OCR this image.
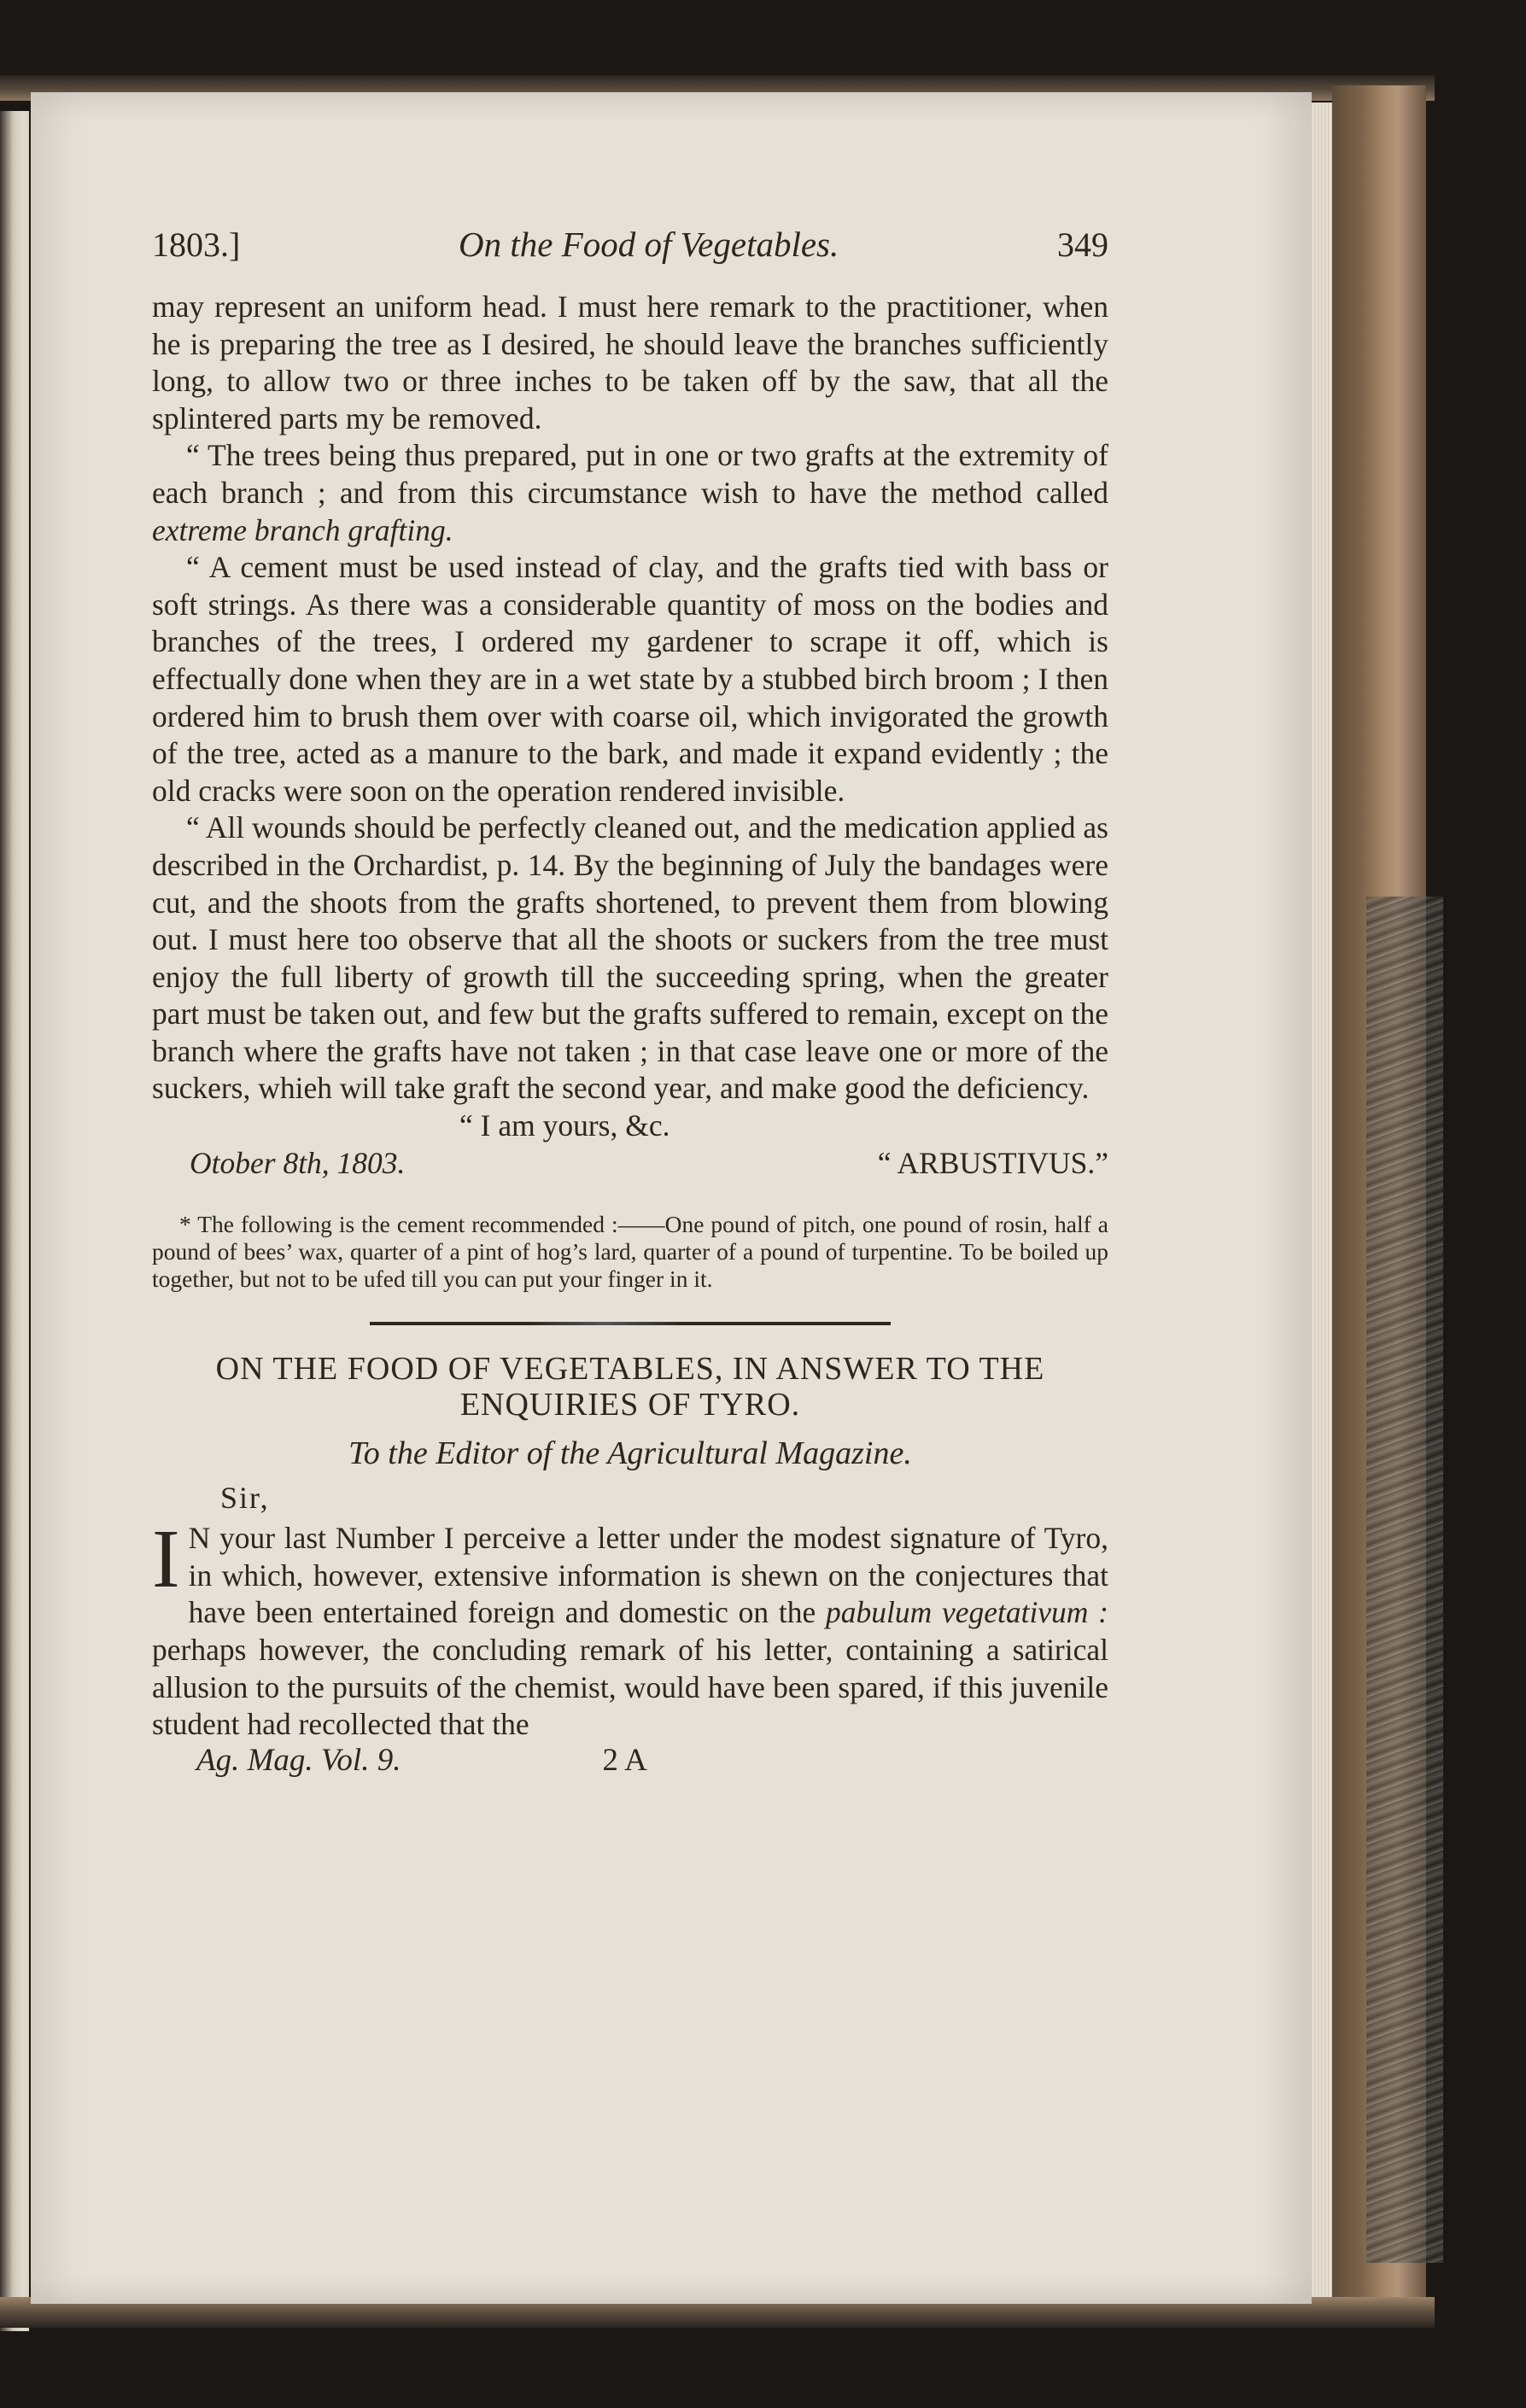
1803.]	On the Food of Vegetables.	349

may represent an uniform head. I must here remark to the practitioner, when he is preparing the tree as I desired, he should leave the branches sufficiently long, to allow two or three inches to be taken off by the saw, that all the splintered parts my be removed.

“ The trees being thus prepared, put in one or two grafts at the extremity of each branch ; and from this circumstance wish to have the method called extreme branch grafting.

“ A cement must be used instead of clay, and the grafts tied with bass or soft strings. As there was a considerable quantity of moss on the bodies and branches of the trees, I ordered my gardener to scrape it off, which is effectually done when they are in a wet state by a stubbed birch broom ; I then ordered him to brush them over with coarse oil, which invigorated the growth of the tree, acted as a manure to the bark, and made it expand evidently ; the old cracks were soon on the operation rendered invisible.

“ All wounds should be perfectly cleaned out, and the medication applied as described in the Orchardist, p. 14. By the beginning of July the bandages were cut, and the shoots from the grafts shortened, to prevent them from blowing out. I must here too observe that all the shoots or suckers from the tree must enjoy the full liberty of growth till the succeeding spring, when the greater part must be taken out, and few but the grafts suffered to remain, except on the branch where the grafts have not taken ; in that case leave one or more of the suckers, whieh will take graft the second year, and make good the deficiency.

“ I am yours, &c.

Otober 8th, 1803.	“ ARBUSTIVUS.”

* The following is the cement recommended :——One pound of pitch, one pound of rosin, half a pound of bees’ wax, quarter of a pint of hog’s lard, quarter of a pound of turpentine. To be boiled up together, but not to be ufed till you can put your finger in it.

ON THE FOOD OF VEGETABLES, IN ANSWER TO THE ENQUIRIES OF TYRO.

To the Editor of the Agricultural Magazine.

Sir,

I N your last Number I perceive a letter under the modest signature of Tyro, in which, however, extensive information is shewn on the conjectures that have been entertained foreign and domestic on the pabulum vegetativum : perhaps however, the concluding remark of his letter, containing a satirical allusion to the pursuits of the chemist, would have been spared, if this juvenile student had recollected that the

Ag. Mag. Vol. 9.	2 A
